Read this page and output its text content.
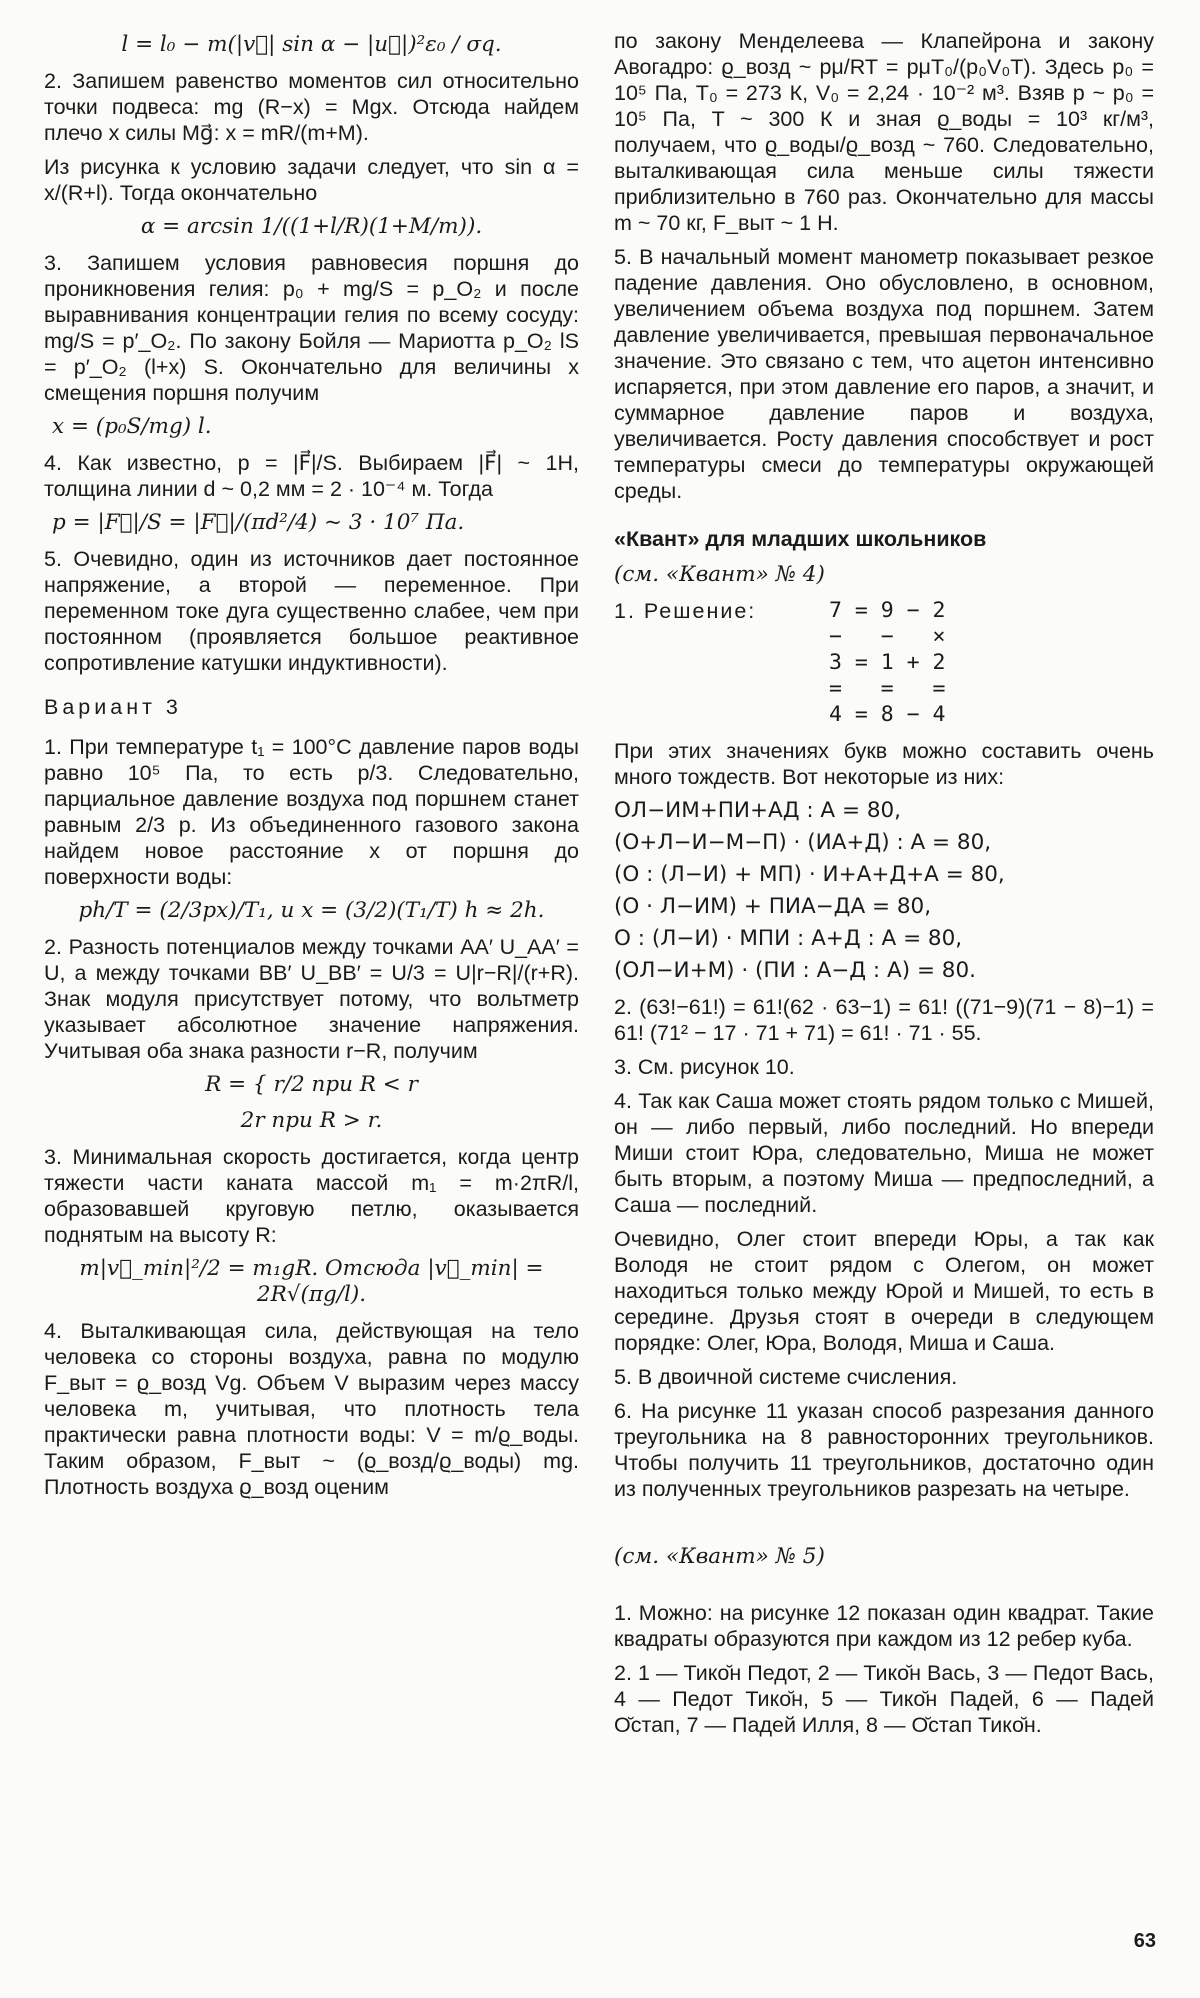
l = l₀ − m(|v⃗| sin α − |u⃗|)²ε₀ / σq.

2. Запишем равенство моментов сил относительно точки подвеса: mg (R−x) = Mgx. Отсюда найдем плечо x силы Mg⃗: x = mR/(m+M).

Из рисунка к условию задачи следует, что sin α = x/(R+l). Тогда окончательно

α = arcsin 1/((1+l/R)(1+M/m)).

3. Запишем условия равновесия поршня до проникновения гелия: p₀ + mg/S = p_O₂ и после выравнивания концентрации гелия по всему сосуду: mg/S = p′_O₂. По закону Бойля — Мариотта p_O₂ lS = p′_O₂ (l+x) S. Окончательно для величины x смещения поршня получим

x = (p₀S/mg) l.

4. Как известно, p = |F⃗|/S. Выбираем |F⃗| ~ 1H, толщина линии d ~ 0,2 мм = 2 · 10⁻⁴ м. Тогда

p = |F⃗|/S = |F⃗|/(πd²/4) ~ 3 · 10⁷ Па.

5. Очевидно, один из источников дает постоянное напряжение, а второй — переменное. При переменном токе дуга существенно слабее, чем при постоянном (проявляется большое реактивное сопротивление катушки индуктивности).

Вариант 3

1. При температуре t₁ = 100°C давление паров воды равно 10⁵ Па, то есть p/3. Следовательно, парциальное давление воздуха под поршнем станет равным 2/3 p. Из объединенного газового закона найдем новое расстояние x от поршня до поверхности воды:

ph/T = (2/3px)/T₁, и x = (3/2)(T₁/T) h ≈ 2h.

2. Разность потенциалов между точками AA′ U_AA′ = U, а между точками BB′ U_BB′ = U/3 = U|r−R|/(r+R). Знак модуля присутствует потому, что вольтметр указывает абсолютное значение напряжения. Учитывая оба знака разности r−R, получим

R = { r/2 при R < r
2r при R > r.

3. Минимальная скорость достигается, когда центр тяжести части каната массой m₁ = m·2πR/l, образовавшей круговую петлю, оказывается поднятым на высоту R:

m|v⃗_min|²/2 = m₁gR. Отсюда |v⃗_min| = 2R√(πg/l).

4. Выталкивающая сила, действующая на тело человека со стороны воздуха, равна по модулю F_выт = ϱ_возд Vg. Объем V выразим через массу человека m, учитывая, что плотность тела практически равна плотности воды: V = m/ϱ_воды. Таким образом, F_выт ~ (ϱ_возд/ϱ_воды) mg. Плотность воздуха ϱ_возд оценим

по закону Менделеева — Клапейрона и закону Авогадро: ϱ_возд ~ pμ/RT = pμT₀/(p₀V₀T). Здесь p₀ = 10⁵ Па, T₀ = 273 К, V₀ = 2,24 · 10⁻² м³. Взяв p ~ p₀ = 10⁵ Па, T ~ 300 К и зная ϱ_воды = 10³ кг/м³, получаем, что ϱ_воды/ϱ_возд ~ 760. Следовательно, выталкивающая сила меньше силы тяжести приблизительно в 760 раз. Окончательно для массы m ~ 70 кг, F_выт ~ 1 Н.

5. В начальный момент манометр показывает резкое падение давления. Оно обусловлено, в основном, увеличением объема воздуха под поршнем. Затем давление увеличивается, превышая первоначальное значение. Это связано с тем, что ацетон интенсивно испаряется, при этом давление его паров, а значит, и суммарное давление паров и воздуха, увеличивается. Росту давления способствует и рост температуры смеси до температуры окружающей среды.

«Квант» для младших школьников
(см. «Квант» № 4)
1. Решение:	7 = 9 − 2
−   −   ×
3 = 1 + 2
=   =   =
4 = 8 − 4

При этих значениях букв можно составить очень много тождеств. Вот некоторые из них:

ОЛ−ИМ+ПИ+АД : А = 80,
(О+Л−И−М−П) · (ИА+Д) : А = 80,
(О : (Л−И) + МП) · И+А+Д+А = 80,
(О · Л−ИМ) + ПИА−ДА = 80,
О : (Л−И) · МПИ : А+Д : А = 80,
(ОЛ−И+М) · (ПИ : А−Д : А) = 80.

2. (63!−61!) = 61!(62 · 63−1) = 61! ((71−9)(71 − 8)−1) = 61! (71² − 17 · 71 + 71) = 61! · 71 · 55.

3. См. рисунок 10.

4. Так как Саша может стоять рядом только с Мишей, он — либо первый, либо последний. Но впереди Миши стоит Юра, следовательно, Миша не может быть вторым, а поэтому Миша — предпоследний, а Саша — последний.

Очевидно, Олег стоит впереди Юры, а так как Володя не стоит рядом с Олегом, он может находиться только между Юрой и Мишей, то есть в середине. Друзья стоят в очереди в следующем порядке: Олег, Юра, Володя, Миша и Саша.

5. В двоичной системе счисления.

6. На рисунке 11 указан способ разрезания данного треугольника на 8 равносторонних треугольников. Чтобы получить 11 треугольников, достаточно один из полученных треугольников разрезать на четыре.

(см. «Квант» № 5)

1. Можно: на рисунке 12 показан один квадрат. Такие квадраты образуются при каждом из 12 ребер куба.

2. 1 — Тико̆н Педот, 2 — Тико̆н Вась, 3 — Педот Вась, 4 — Педот Тико̆н, 5 — Тико̆н Падей, 6 — Падей О̆стап, 7 — Падей Илля, 8 — О̆стап Тико̆н.

63
